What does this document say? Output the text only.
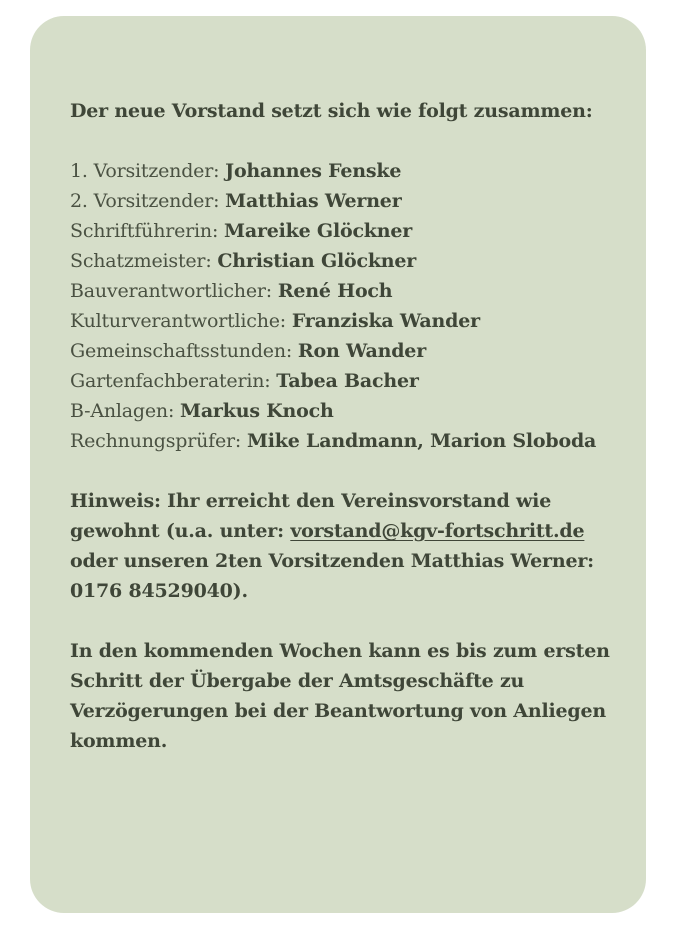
Der neue Vorstand setzt sich wie folgt zusammen:
1. Vorsitzender: Johannes Fenske
2. Vorsitzender: Matthias Werner
Schriftführerin: Mareike Glöckner
Schatzmeister: Christian Glöckner
Bauverantwortlicher: René Hoch
Kulturverantwortliche: Franziska Wander
Gemeinschaftsstunden: Ron Wander
Gartenfachberaterin: Tabea Bacher
B-Anlagen: Markus Knoch
Rechnungsprüfer: Mike Landmann, Marion Sloboda
Hinweis: Ihr erreicht den Vereinsvorstand wie
gewohnt (u.a. unter: vorstand@kgv-fortschritt.de
oder unseren 2ten Vorsitzenden Matthias Werner:
0176 84529040).
In den kommenden Wochen kann es bis zum ersten
Schritt der Übergabe der Amtsgeschäfte zu
Verzögerungen bei der Beantwortung von Anliegen
kommen.
